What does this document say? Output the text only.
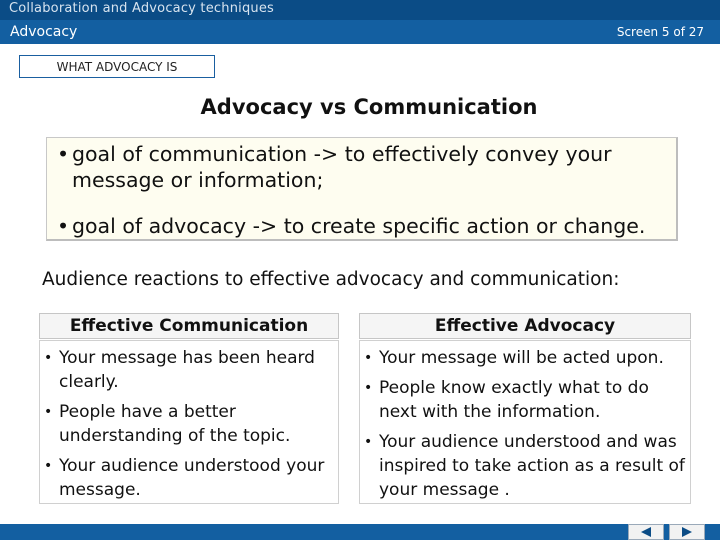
Collaboration and Advocacy techniques
Advocacy	Screen 5 of 27
WHAT ADVOCACY IS
Advocacy vs Communication
• goal of communication -> to effectively convey your message or information;
• goal of advocacy -> to create specific action or change.
Audience reactions to effective advocacy and communication:
Effective Communication	Effective Advocacy
• Your message has been heard clearly.
• People have a better understanding of the topic.
• Your audience understood your message.
• Your message will be acted upon.
• People know exactly what to do next with the information.
• Your audience understood and was inspired to take action as a result of your message .
